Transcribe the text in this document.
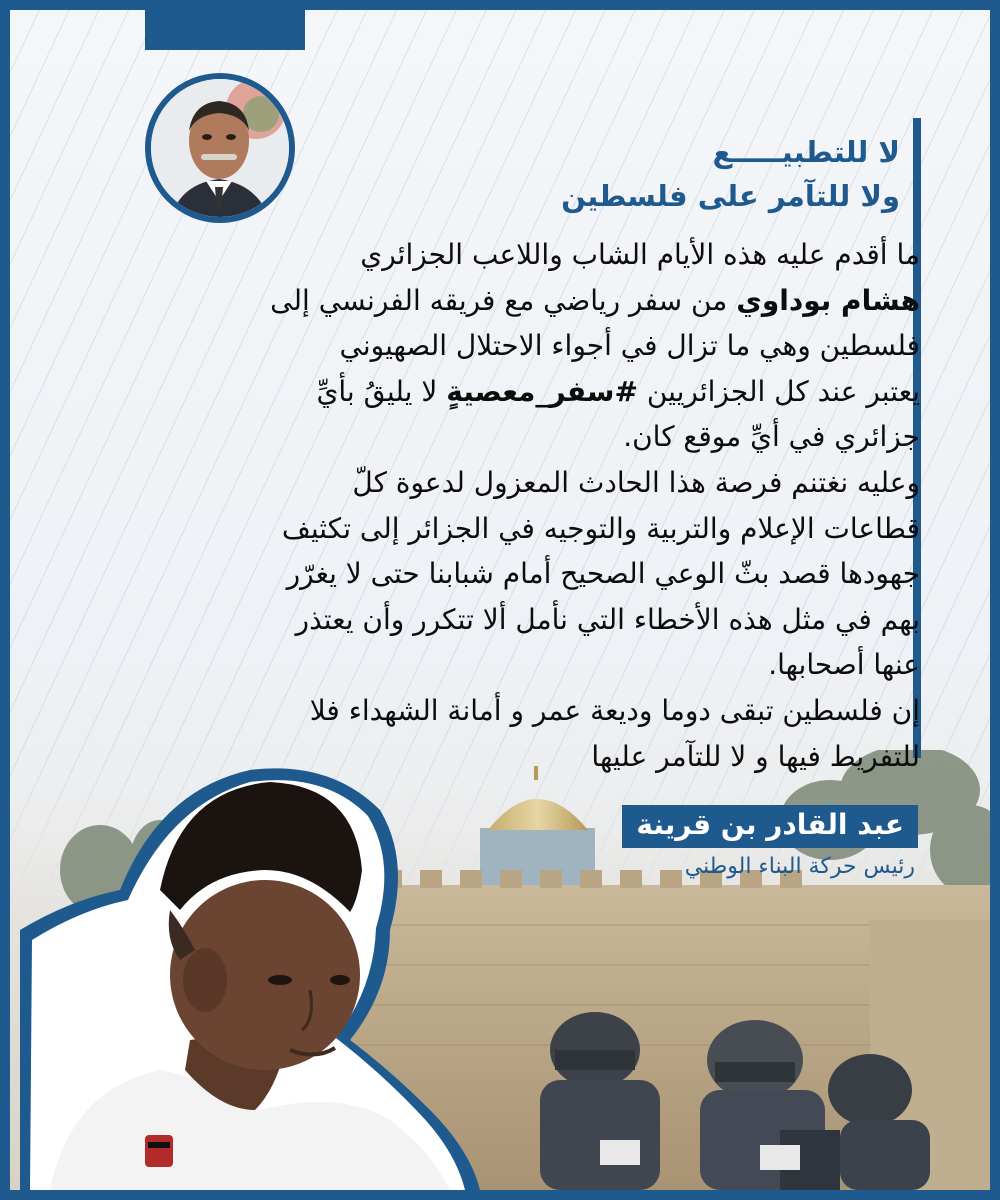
لا للتطبيـــــع
ولا للتآمر على فلسطين
ما أقدم عليه هذه الأيام الشاب واللاعب الجزائري
هشام بوداوي من سفر رياضي مع فريقه الفرنسي إلى
فلسطين وهي ما تزال في أجواء الاحتلال الصهيوني
يعتبر عند كل الجزائريين #سفر_معصيةٍ لا يليقُ بأيِّ
جزائري في أيِّ موقع كان.
وعليه نغتنم فرصة هذا الحادث المعزول لدعوة كلّ
قطاعات الإعلام والتربية والتوجيه في الجزائر إلى تكثيف
جهودها قصد بثّ الوعي الصحيح أمام شبابنا حتى لا يغرّر
بهم في مثل هذه الأخطاء التي نأمل ألا تتكرر وأن يعتذر
عنها أصحابها.
إن فلسطين تبقى دوما وديعة عمر و أمانة الشهداء فلا
للتفريط فيها و لا للتآمر عليها
عبد القادر بن قرينة
رئيس حركة البناء الوطني
